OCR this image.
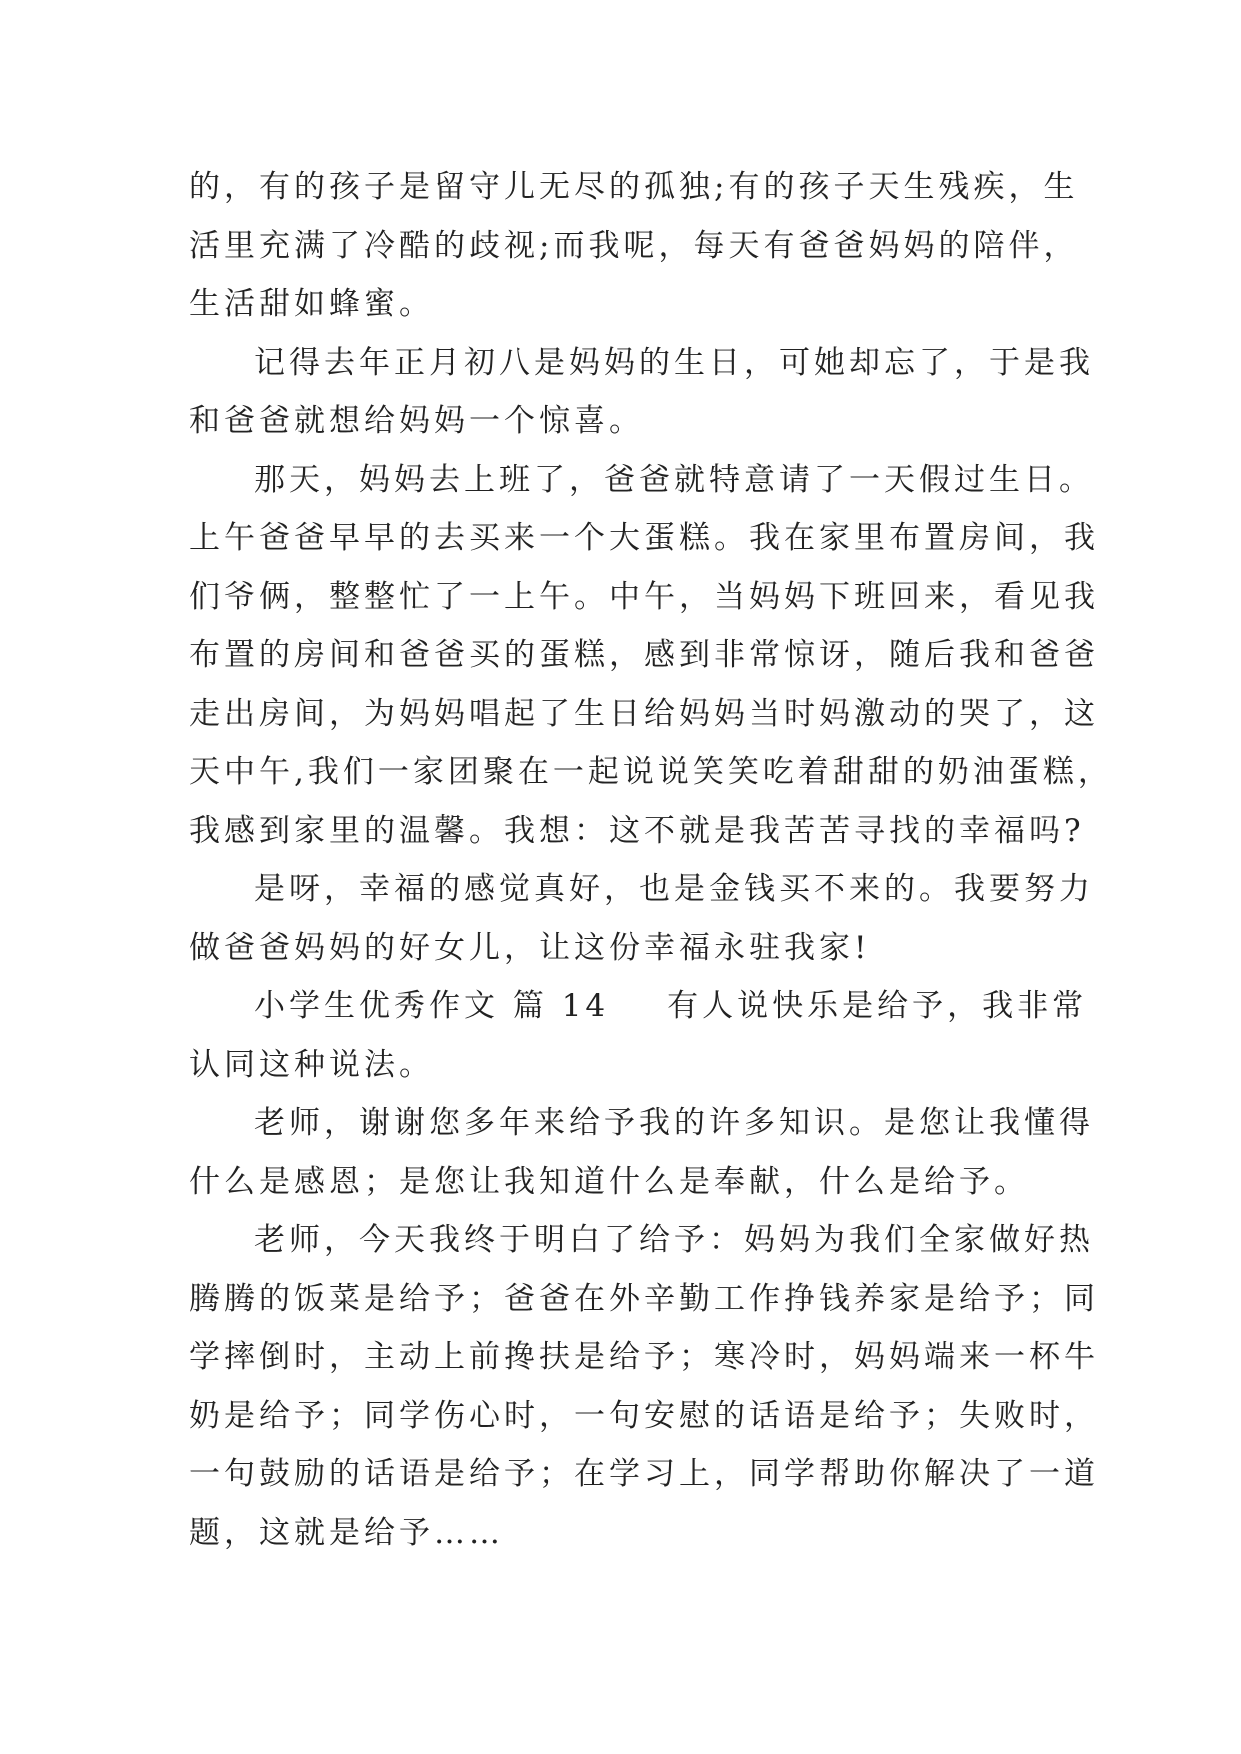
的，有的孩子是留守儿无尽的孤独;有的孩子天生残疾，生
活里充满了冷酷的歧视;而我呢，每天有爸爸妈妈的陪伴，
生活甜如蜂蜜。
记得去年正月初八是妈妈的生日，可她却忘了，于是我
和爸爸就想给妈妈一个惊喜。
那天，妈妈去上班了，爸爸就特意请了一天假过生日。
上午爸爸早早的去买来一个大蛋糕。我在家里布置房间，我
们爷俩，整整忙了一上午。中午，当妈妈下班回来，看见我
布置的房间和爸爸买的蛋糕，感到非常惊讶，随后我和爸爸
走出房间，为妈妈唱起了生日给妈妈当时妈激动的哭了，这
天中午,我们一家团聚在一起说说笑笑吃着甜甜的奶油蛋糕，
我感到家里的温馨。我想：这不就是我苦苦寻找的幸福吗?
是呀，幸福的感觉真好，也是金钱买不来的。我要努力
做爸爸妈妈的好女儿，让这份幸福永驻我家!
小学生优秀作文 篇 14 有人说快乐是给予，我非常
认同这种说法。
老师，谢谢您多年来给予我的许多知识。是您让我懂得
什么是感恩；是您让我知道什么是奉献，什么是给予。
老师，今天我终于明白了给予：妈妈为我们全家做好热
腾腾的饭菜是给予；爸爸在外辛勤工作挣钱养家是给予；同
学摔倒时，主动上前搀扶是给予；寒冷时，妈妈端来一杯牛
奶是给予；同学伤心时，一句安慰的话语是给予；失败时，
一句鼓励的话语是给予；在学习上，同学帮助你解决了一道
题，这就是给予……
